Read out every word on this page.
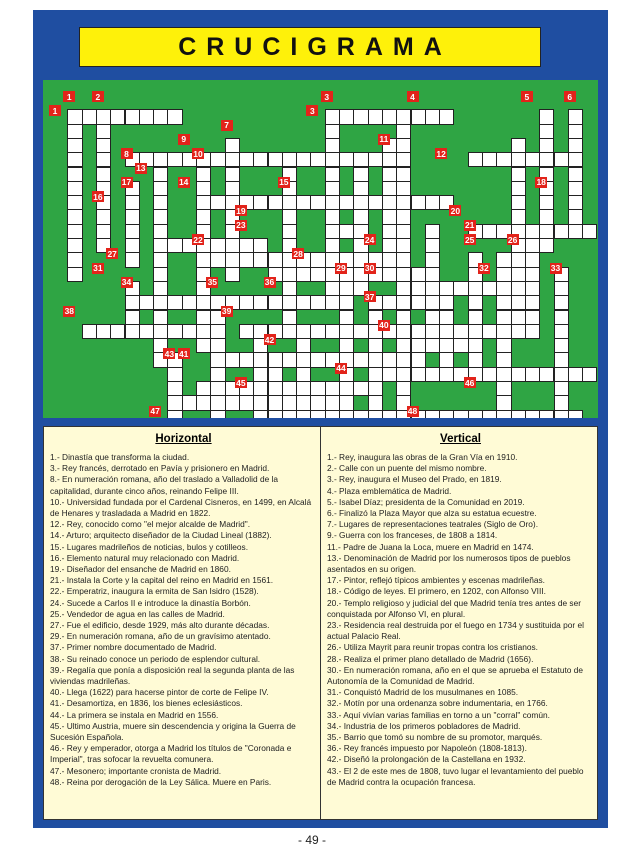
CRUCIGRAMA
1	2
1
3
3
4	5	6
7
8
9
10
11
12
13
14	15
16
17	18
19	20
21
22
23
24	25	26
27	28
29 30
31	32	33
34	35	36
37
38	39
40
41
42
43
44
45	46
47	48
Horizontal

1.- Dinastía que transforma la ciudad.

3.- Rey francés, derrotado en Pavía y prisionero en Madrid.

8.- En numeración romana, año del traslado a Valladolid de la capitalidad, durante cinco años, reinando Felipe III.

10.- Universidad fundada por el Cardenal Cisneros, en 1499, en Alcalá de Henares y trasladada a Madrid en 1822.

12.- Rey, conocido como "el mejor alcalde de Madrid".

14.- Arturo; arquitecto diseñador de la Ciudad Lineal (1882).

15.- Lugares madrileños de noticias, bulos y cotilleos.

16.- Elemento natural muy relacionado con Madrid.

19.- Diseñador del ensanche de Madrid en 1860.

21.- Instala la Corte y la capital del reino en Madrid en 1561.

22.- Emperatriz, inaugura la ermita de San Isidro (1528).

24.- Sucede a Carlos II e introduce la dinastía Borbón.

25.- Vendedor de agua en las calles de Madrid.

27.- Fue el edificio, desde 1929, más alto durante décadas.

29.- En numeración romana, año de un gravísimo atentado.

37.- Primer nombre documentado de Madrid.

38.- Su reinado conoce un periodo de esplendor cultural.

39.- Regalía que ponía a disposición real la segunda planta de las viviendas madrileñas.

40.- Llega (1622) para hacerse pintor de corte de Felipe IV.

41.- Desamortiza, en 1836, los bienes eclesiásticos.

44.- La primera se instala en Madrid en 1556.

45.- Ultimo Austria, muere sin descendencia y origina la Guerra de Sucesión Española.

46.- Rey y emperador, otorga a Madrid los títulos de "Coronada e Imperial", tras sofocar la revuelta comunera.

47.- Mesonero; importante cronista de Madrid.

48.- Reina por derogación de la Ley Sálica. Muere en Paris.

Vertical

1.- Rey, inaugura las obras de la Gran Vía en 1910.

2.- Calle con un puente del mismo nombre.

3.- Rey, inaugura el Museo del Prado, en 1819.

4.- Plaza emblemática de Madrid.

5.- Isabel Díaz; presidenta de la Comunidad en 2019.

6.- Finalizó la Plaza Mayor que alza su estatua ecuestre.

7.- Lugares de representaciones teatrales (Siglo de Oro).

9.- Guerra con los franceses, de 1808 a 1814.

11.- Padre de Juana la Loca, muere en Madrid en 1474.

13.- Denominación de Madrid por los numerosos tipos de pueblos asentados en su origen.

17.- Pintor, reflejó típicos ambientes y escenas madrileñas.

18.- Código de leyes. El primero, en 1202, con Alfonso VIII.

20.- Templo religioso y judicial del que Madrid tenía tres antes de ser conquistada por Alfonso VI, en plural.

23.- Residencia real destruida por el fuego en 1734 y sustituida por el actual Palacio Real.

26.- Utiliza Mayrit para reunir tropas contra los cristianos.

28.- Realiza el primer plano detallado de Madrid (1656).

30.- En numeración romana, año en el que se aprueba el Estatuto de Autonomía de la Comunidad de Madrid.

31.- Conquistó Madrid de los musulmanes en 1085.

32.- Motín por una ordenanza sobre indumentaria, en 1766.

33.- Aquí vivían varias familias en torno a un "corral" común.

34.- Industria de los primeros pobladores de Madrid.

35.- Barrio que tomó su nombre de su promotor, marqués.

36.- Rey francés impuesto por Napoleón (1808-1813).

42.- Diseñó la prolongación de la Castellana en 1932.

43.- El 2 de este mes de 1808, tuvo lugar el levantamiento del pueblo de Madrid contra la ocupación francesa.

- 49 -
